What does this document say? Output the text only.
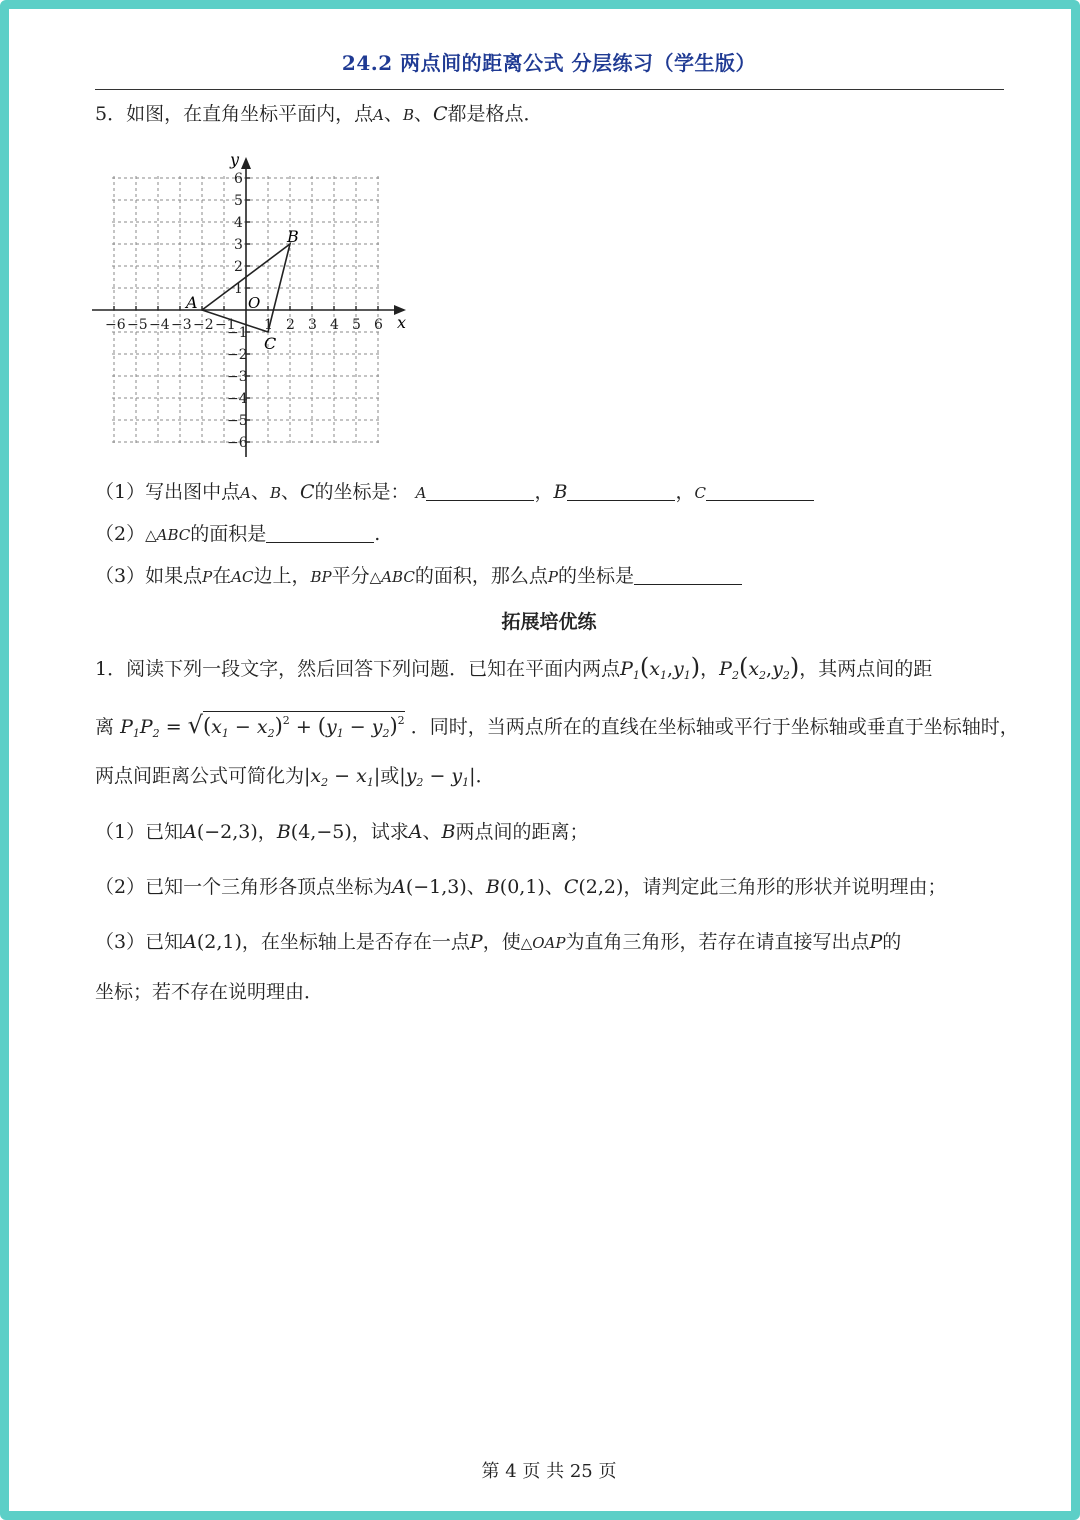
24.2 两点间的距离公式 分层练习（学生版）
5．如图，在直角坐标平面内，点A、B、C都是格点．
−6 −5 −4 −3 −2 −1 1 2 3 4 5 6
1
2
3
4
5
6
−1
−2
−3
−4
−5
−6
x
y
O
A
B
C
（1）写出图中点A、B、C的坐标是： A	，B	，C
（2）△ABC的面积是	.
（3）如果点P在AC边上，BP平分△ABC的面积，那么点P的坐标是
拓展培优练
1．阅读下列一段文字，然后回答下列问题．已知在平面内两点$P_1(x_1,y_1)$，$P_2(x_2,y_2)$，其两点间的距
离 $P_1P_2 = √(x_1 - x_2)^2 + (y_1 - y_2)^2$ ．同时，当两点所在的直线在坐标轴或平行于坐标轴或垂直于坐标轴时，
两点间距离公式可简化为$|x_2 - x_1|$或$|y_2 - y_1|$．
（1）已知A(−2,3)，B(4,−5)，试求A、B两点间的距离；
（2）已知一个三角形各顶点坐标为A(−1,3)、B(0,1)、C(2,2)，请判定此三角形的形状并说明理由；
（3）已知A(2,1)，在坐标轴上是否存在一点P，使△OAP为直角三角形，若存在请直接写出点P的
坐标；若不存在说明理由．
第 4 页 共 25 页
